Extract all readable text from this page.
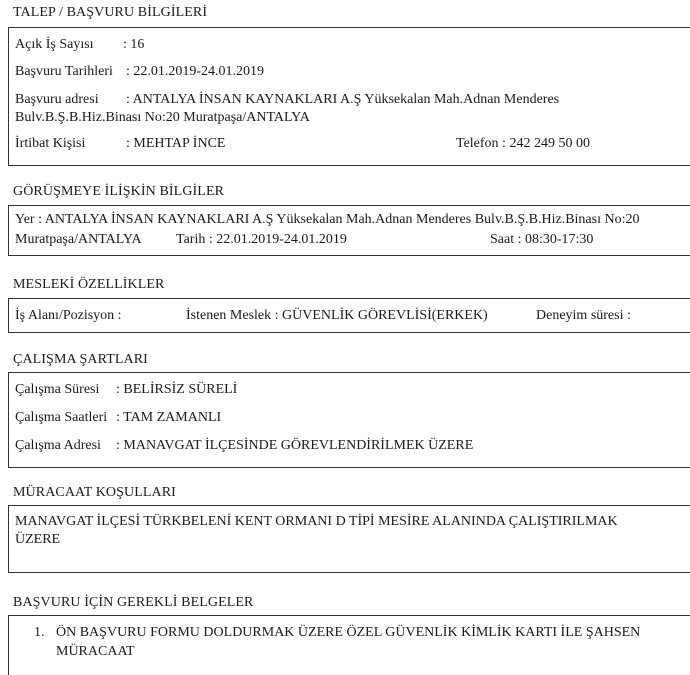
TALEP / BAŞVURU BİLGİLERİ
Açık İş Sayısı : 16
Başvuru Tarihleri : 22.01.2019-24.01.2019
Başvuru adresi : ANTALYA İNSAN KAYNAKLARI A.Ş Yüksekalan Mah.Adnan Menderes
Bulv.B.Ş.B.Hiz.Binası No:20 Muratpaşa/ANTALYA
İrtibat Kişisi	: MEHTAP İNCE	Telefon : 242 249 50 00
GÖRÜŞMEYE İLİŞKİN BİLGİLER
Yer : ANTALYA İNSAN KAYNAKLARI A.Ş Yüksekalan Mah.Adnan Menderes Bulv.B.Ş.B.Hiz.Binası No:20
Muratpaşa/ANTALYA Tarih : 22.01.2019-24.01.2019	Saat : 08:30-17:30
MESLEKİ ÖZELLİKLER
İş Alanı/Pozisyon :	İstenen Meslek : GÜVENLİK GÖREVLİSİ(ERKEK)	Deneyim süresi :
ÇALIŞMA ŞARTLARI
Çalışma Süresi : BELİRSİZ SÜRELİ
Çalışma Saatleri : TAM ZAMANLI
Çalışma Adresi : MANAVGAT İLÇESİNDE GÖREVLENDİRİLMEK ÜZERE
MÜRACAAT KOŞULLARI
MANAVGAT İLÇESİ TÜRKBELENİ KENT ORMANI D TİPİ MESİRE ALANINDA ÇALIŞTIRILMAK
ÜZERE
BAŞVURU İÇİN GEREKLİ BELGELER
1. ÖN BAŞVURU FORMU DOLDURMAK ÜZERE ÖZEL GÜVENLİK KİMLİK KARTI İLE ŞAHSEN
MÜRACAAT
